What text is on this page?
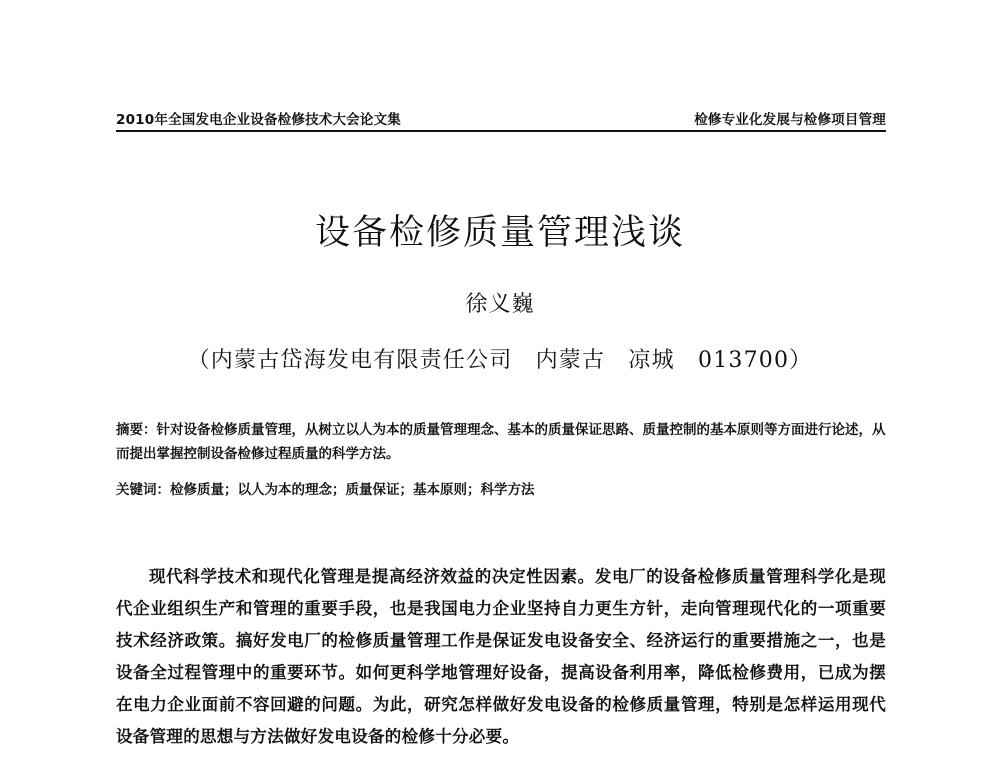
2010年全国发电企业设备检修技术大会论文集	检修专业化发展与检修项目管理
设备检修质量管理浅谈
徐义巍
（内蒙古岱海发电有限责任公司　内蒙古　凉城　013700）
摘要：针对设备检修质量管理，从树立以人为本的质量管理理念、基本的质量保证思路、质量控制的基本原则等方面进行论述，从而提出掌握控制设备检修过程质量的科学方法。
关键词：检修质量；以人为本的理念；质量保证；基本原则；科学方法

现代科学技术和现代化管理是提高经济效益的决定性因素。发电厂的设备检修质量管理科学化是现代企业组织生产和管理的重要手段，也是我国电力企业坚持自力更生方针，走向管理现代化的一项重要技术经济政策。搞好发电厂的检修质量管理工作是保证发电设备安全、经济运行的重要措施之一，也是设备全过程管理中的重要环节。如何更科学地管理好设备，提高设备利用率，降低检修费用，已成为摆在电力企业面前不容回避的问题。为此，研究怎样做好发电设备的检修质量管理，特别是怎样运用现代设备管理的思想与方法做好发电设备的检修十分必要。
